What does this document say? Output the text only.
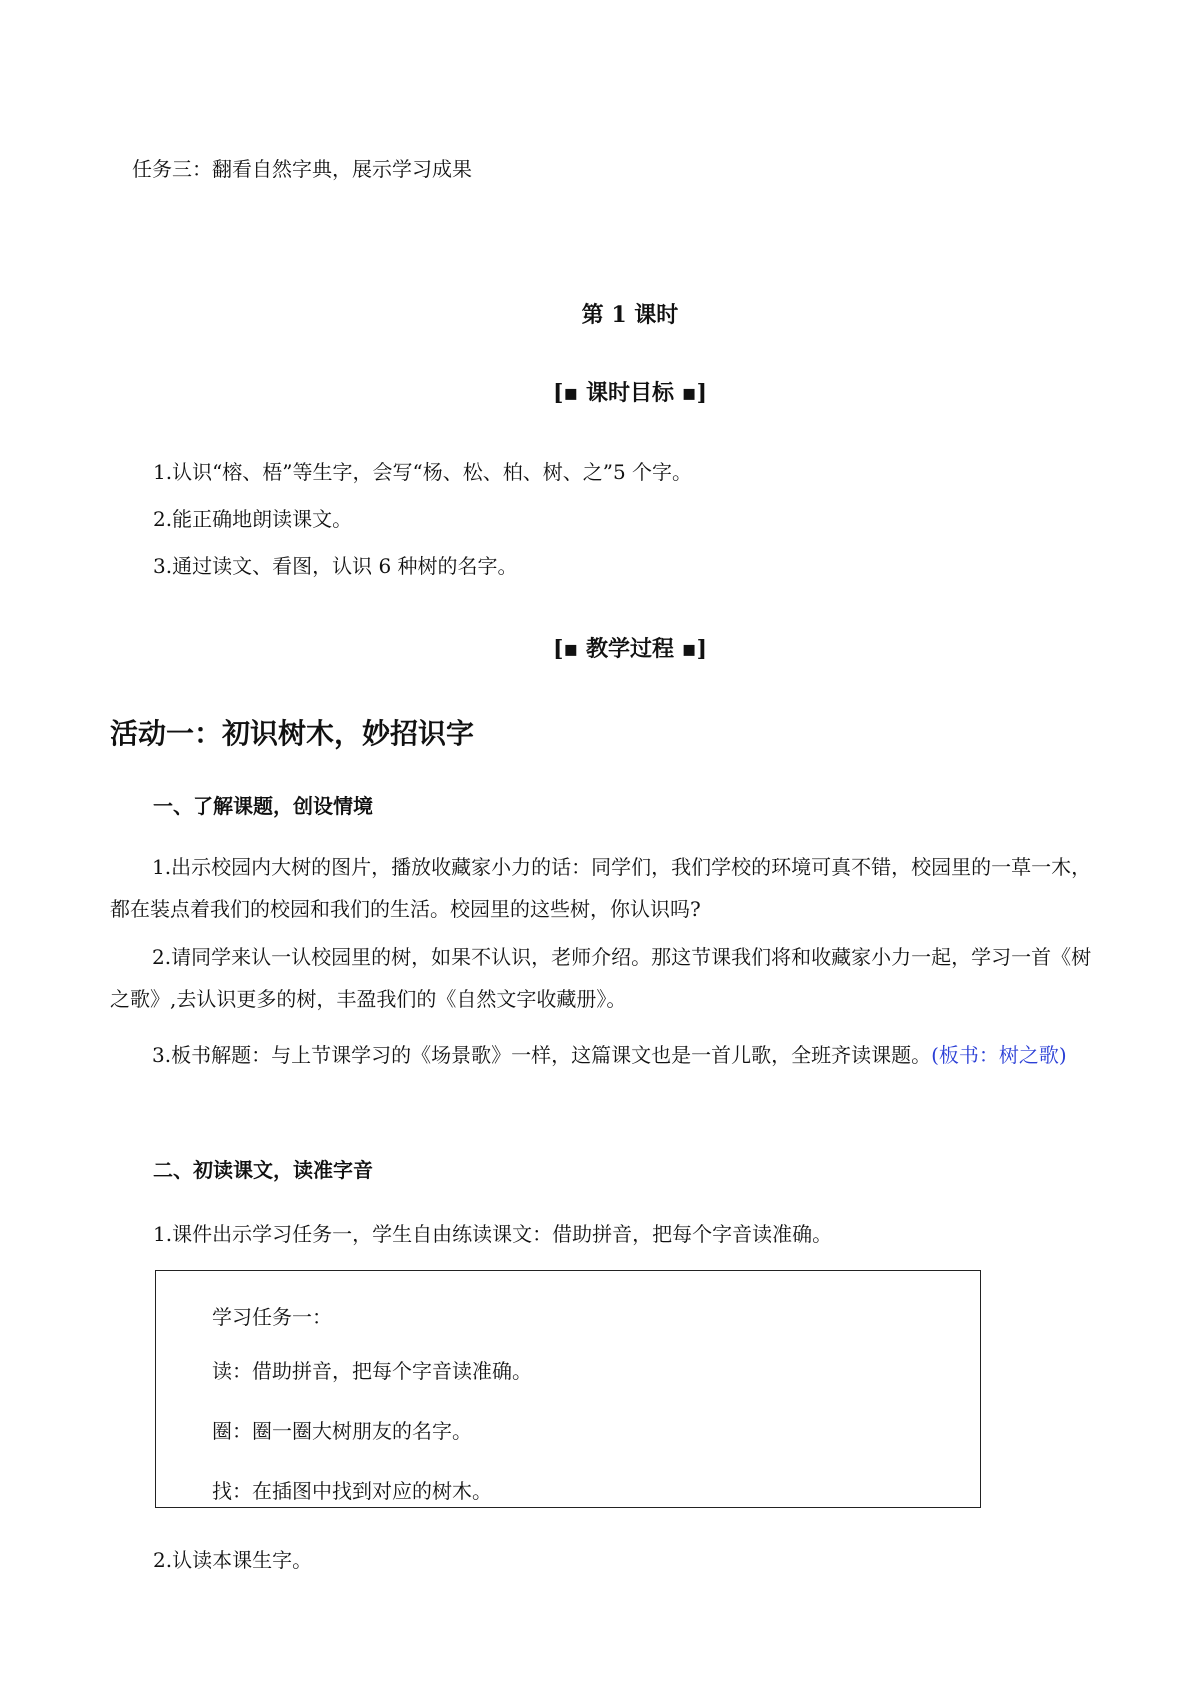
任务三：翻看自然字典，展示学习成果
第 1 课时
[▪ 课时目标 ▪]
1.认识“榕、梧”等生字，会写“杨、松、柏、树、之”5 个字。
2.能正确地朗读课文。
3.通过读文、看图，认识 6 种树的名字。
[▪ 教学过程 ▪]
活动一：初识树木，妙招识字
一、了解课题，创设情境
1.出示校园内大树的图片，播放收藏家小力的话：同学们，我们学校的环境可真不错，校园里的一草一木，都在装点着我们的校园和我们的生活。校园里的这些树，你认识吗?
2.请同学来认一认校园里的树，如果不认识，老师介绍。那这节课我们将和收藏家小力一起，学习一首《树之歌》,去认识更多的树，丰盈我们的《自然文字收藏册》。
3.板书解题：与上节课学习的《场景歌》一样，这篇课文也是一首儿歌，全班齐读课题。(板书：树之歌)
二、初读课文，读准字音
1.课件出示学习任务一，学生自由练读课文：借助拼音，把每个字音读准确。
学习任务一：
读：借助拼音，把每个字音读准确。
圈：圈一圈大树朋友的名字。
找：在插图中找到对应的树木。
2.认读本课生字。
